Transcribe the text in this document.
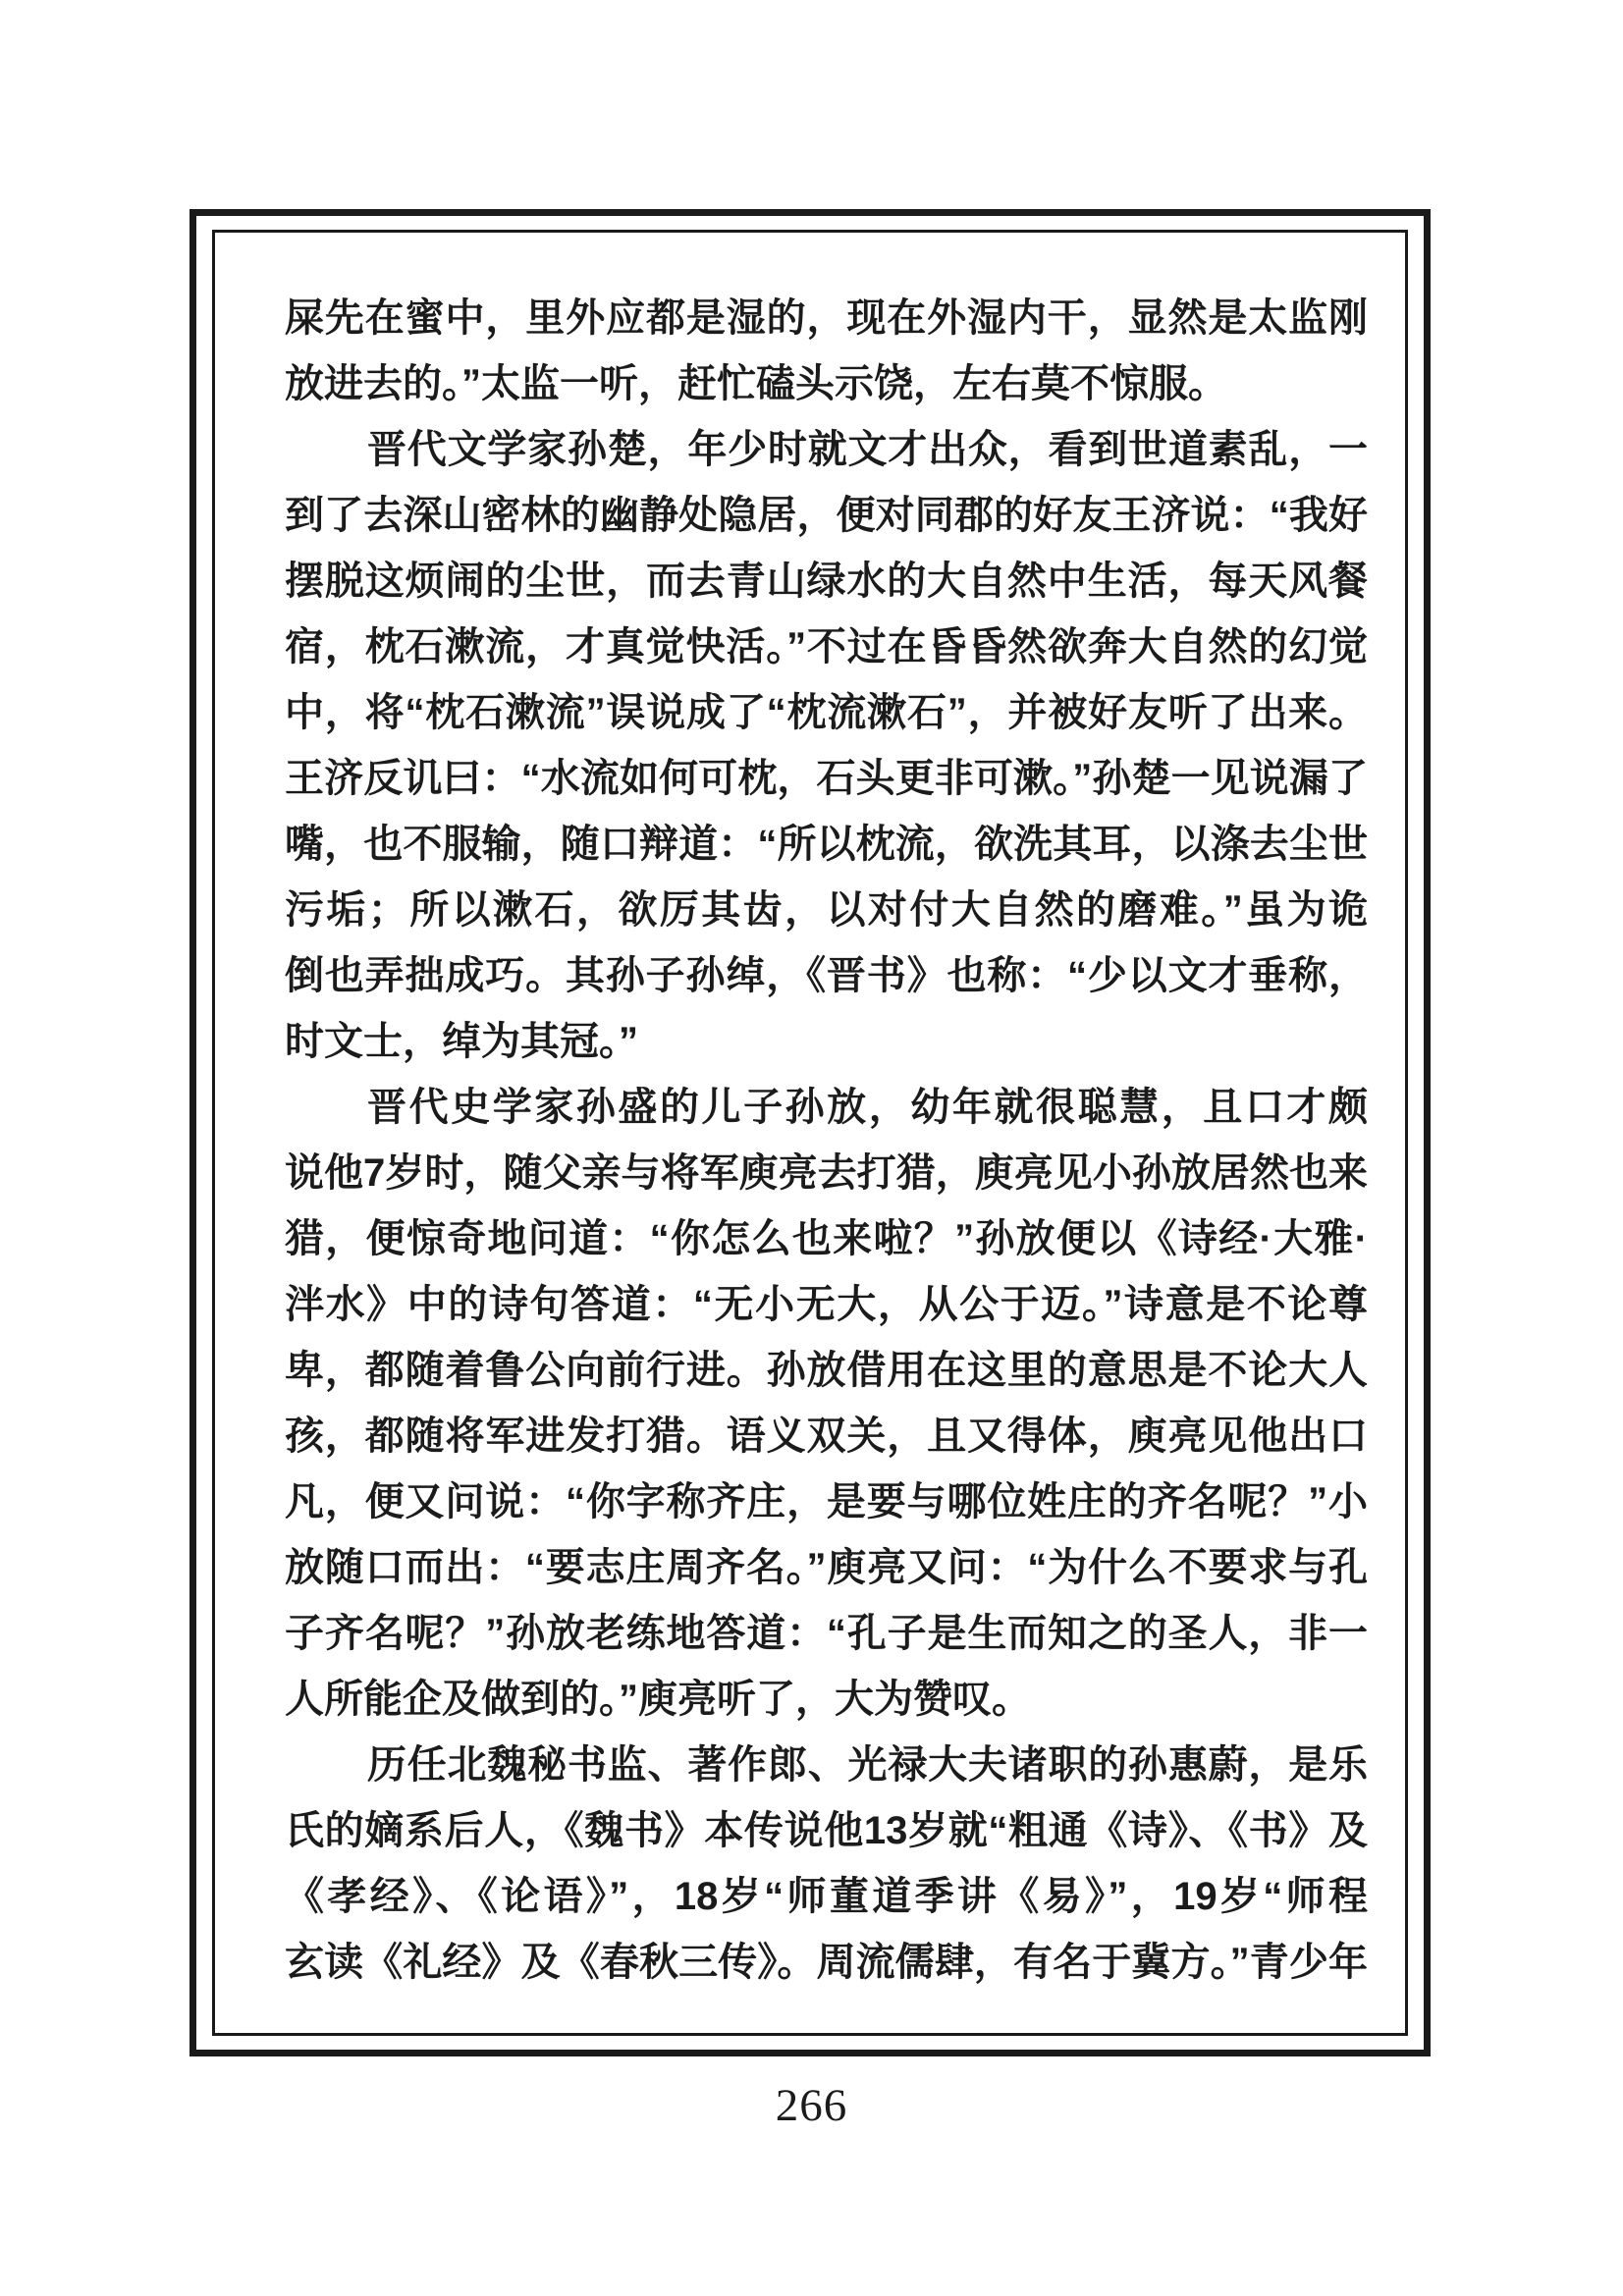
屎先在蜜中，里外应都是湿的，现在外湿内干，显然是太监刚
放进去的。”太监一听，赶忙磕头示饶，左右莫不惊服。
晋代文学家孙楚，年少时就文才出众，看到世道素乱，一
到了去深山密林的幽静处隐居，便对同郡的好友王济说：“我好
摆脱这烦闹的尘世，而去青山绿水的大自然中生活，每天风餐
宿，枕石漱流，才真觉快活。”不过在昏昏然欲奔大自然的幻觉
中，将“枕石漱流”误说成了“枕流漱石”，并被好友听了出来。
王济反讥曰：“水流如何可枕，石头更非可漱。”孙楚一见说漏了
嘴，也不服输，随口辩道：“所以枕流，欲洗其耳，以涤去尘世
污垢；所以漱石，欲厉其齿，以对付大自然的磨难。”虽为诡
倒也弄拙成巧。其孙子孙绰，《晋书》也称：“少以文才垂称，
时文士，绰为其冠。”
晋代史学家孙盛的儿子孙放，幼年就很聪慧，且口才颇
说他7岁时，随父亲与将军庾亮去打猎，庾亮见小孙放居然也来
猎，便惊奇地问道：“你怎么也来啦？”孙放便以《诗经·大雅·
泮水》中的诗句答道：“无小无大，从公于迈。”诗意是不论尊
卑，都随着鲁公向前行进。孙放借用在这里的意思是不论大人
孩，都随将军进发打猎。语义双关，且又得体，庾亮见他出口
凡，便又问说：“你字称齐庄，是要与哪位姓庄的齐名呢？”小
放随口而出：“要志庄周齐名。”庾亮又问：“为什么不要求与孔
子齐名呢？”孙放老练地答道：“孔子是生而知之的圣人，非一
人所能企及做到的。”庾亮听了，大为赞叹。
历任北魏秘书监、著作郎、光禄大夫诸职的孙惠蔚，是乐
氏的嫡系后人，《魏书》本传说他13岁就“粗通《诗》、《书》及
《孝经》、《论语》”，18岁“师董道季讲《易》”，19岁“师程
玄读《礼经》及《春秋三传》。周流儒肆，有名于冀方。”青少年
266
